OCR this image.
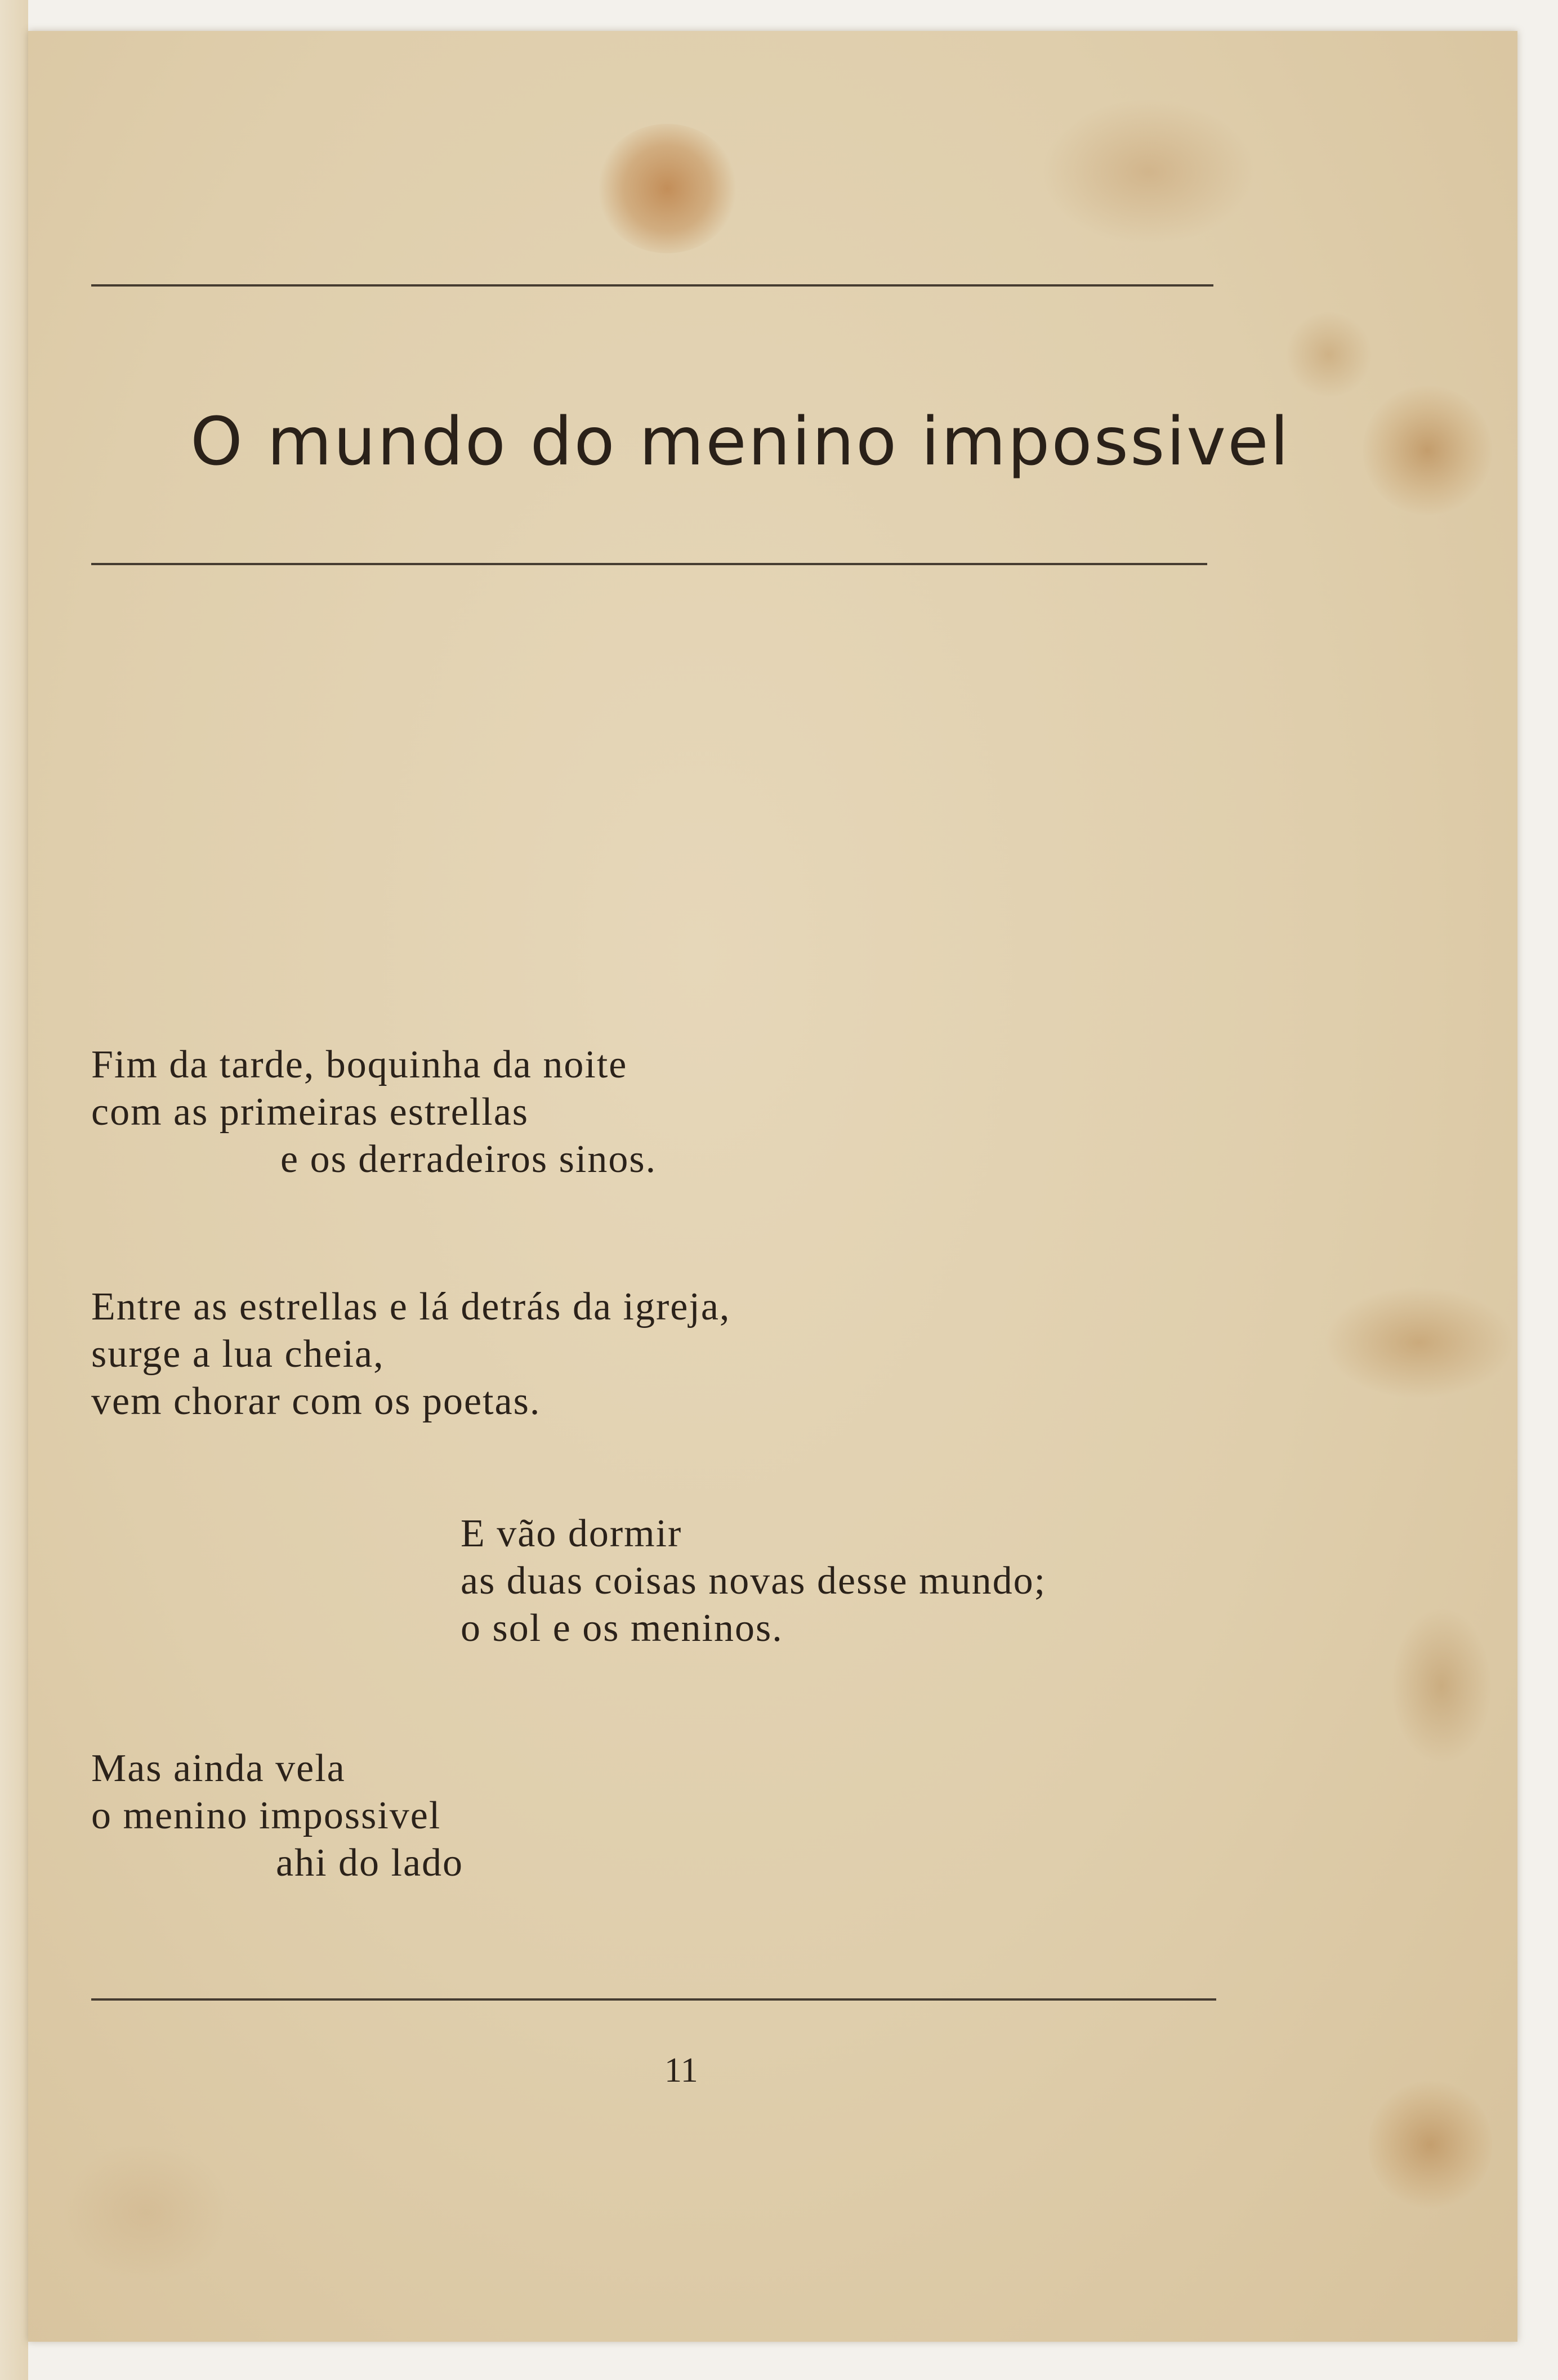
O mundo do menino impossivel
Fim da tarde, boquinha da noite
com as primeiras estrellas
e os derradeiros sinos.
Entre as estrellas e lá detrás da igreja,
surge a lua cheia,
vem chorar com os poetas.
E vão dormir
as duas coisas novas desse mundo;
o sol e os meninos.
Mas ainda vela
o menino impossivel
ahi do lado
11
